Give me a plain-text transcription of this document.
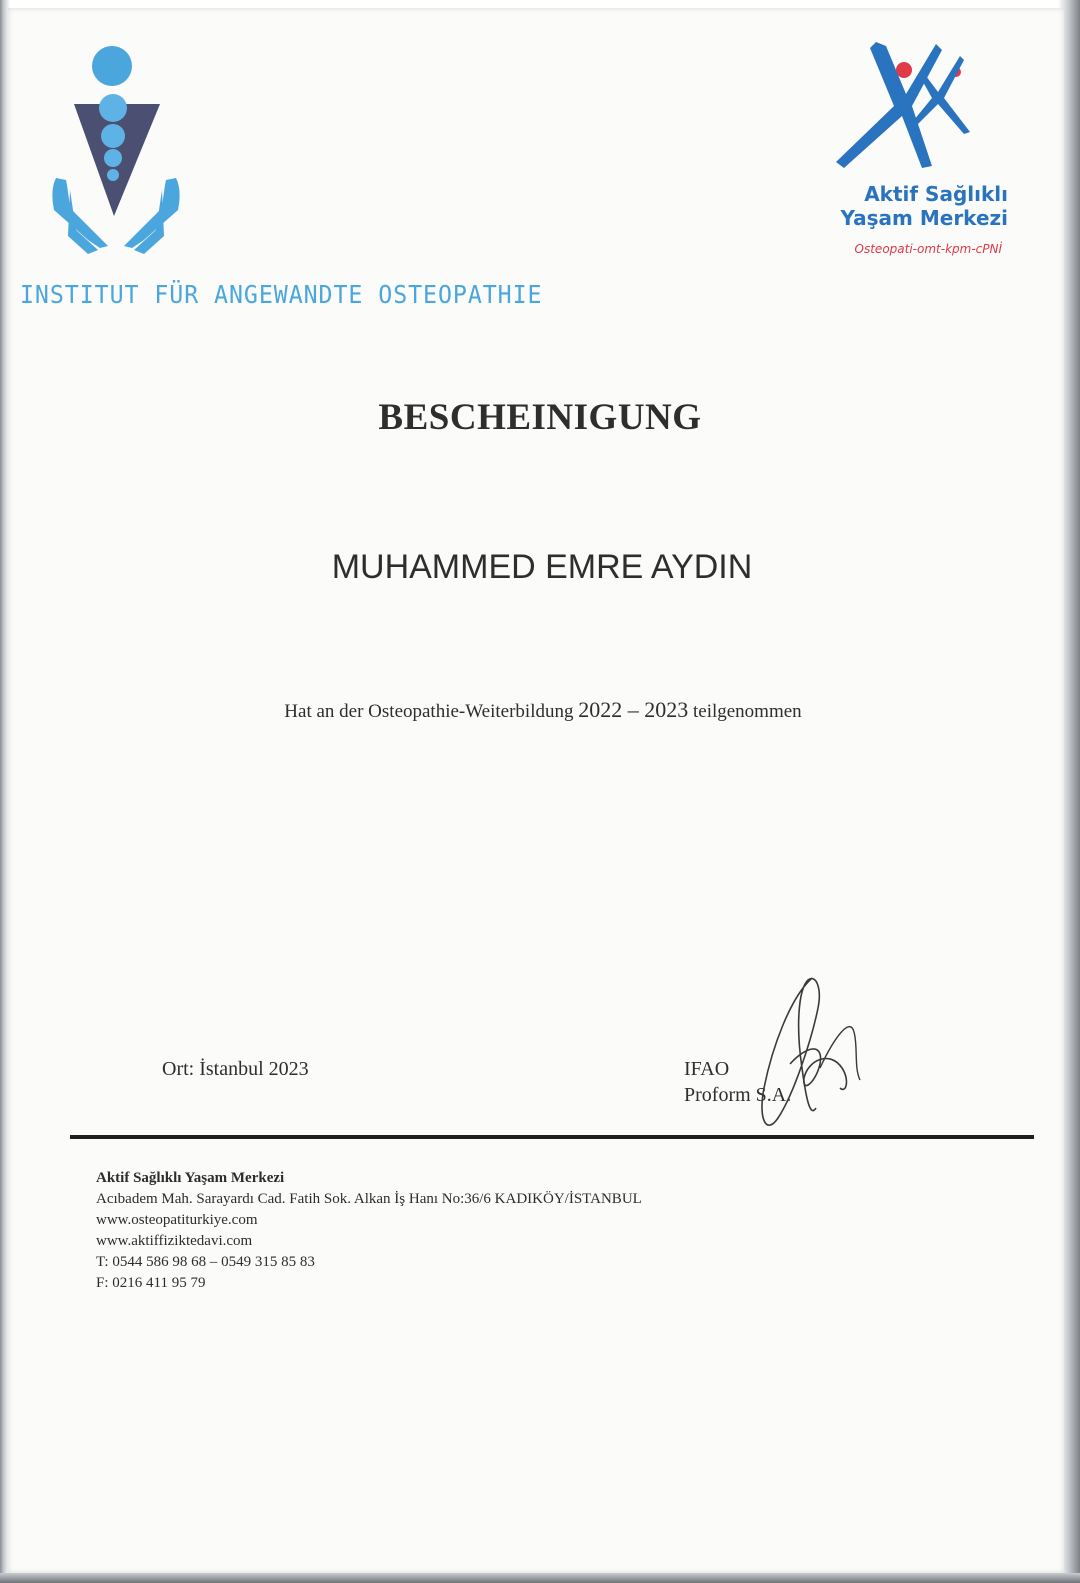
INSTITUT FÜR ANGEWANDTE OSTEOPATHIE
Aktif Sağlıklı
Yaşam Merkezi
Osteopati-omt-kpm-cPNİ
BESCHEINIGUNG
MUHAMMED EMRE AYDIN
Hat an der Osteopathie-Weiterbildung 2022 – 2023 teilgenommen
Ort: İstanbul 2023	IFAO
Proform S.A.
Aktif Sağlıklı Yaşam Merkezi
Acıbadem Mah. Sarayardı Cad. Fatih Sok. Alkan İş Hanı No:36/6 KADIKÖY/İSTANBUL
www.osteopatiturkiye.com
www.aktiffiziktedavi.com
T: 0544 586 98 68 – 0549 315 85 83
F: 0216 411 95 79
